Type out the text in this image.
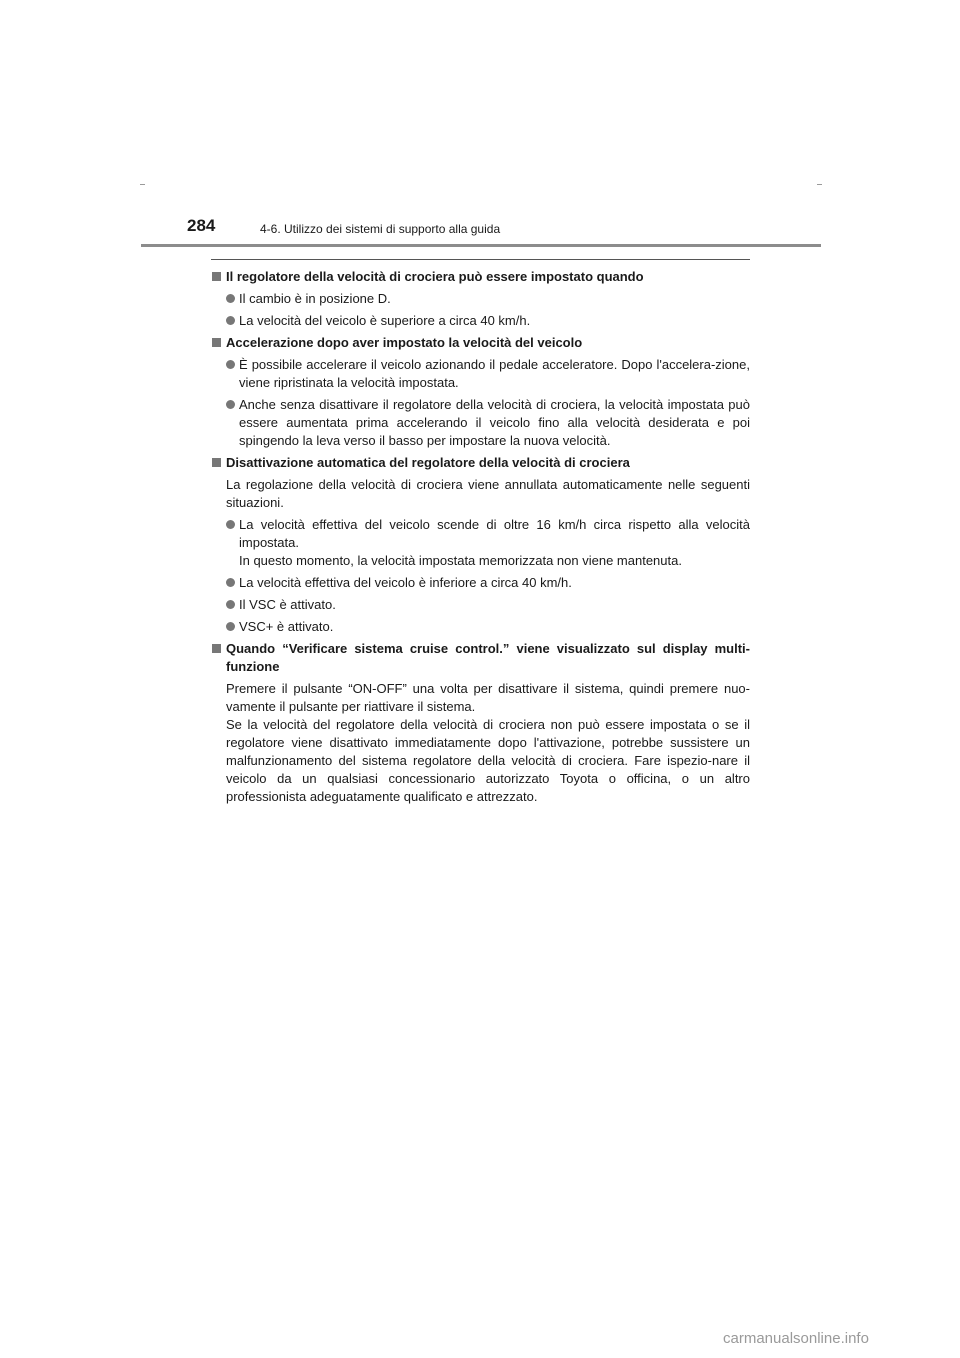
284	4-6. Utilizzo dei sistemi di supporto alla guida
Il regolatore della velocità di crociera può essere impostato quando
Il cambio è in posizione D.
La velocità del veicolo è superiore a circa 40 km/h.
Accelerazione dopo aver impostato la velocità del veicolo
È possibile accelerare il veicolo azionando il pedale acceleratore. Dopo l'accelera-zione, viene ripristinata la velocità impostata.
Anche senza disattivare il regolatore della velocità di crociera, la velocità impostata può essere aumentata prima accelerando il veicolo fino alla velocità desiderata e poi spingendo la leva verso il basso per impostare la nuova velocità.
Disattivazione automatica del regolatore della velocità di crociera
La regolazione della velocità di crociera viene annullata automaticamente nelle seguenti situazioni.
La velocità effettiva del veicolo scende di oltre 16 km/h circa rispetto alla velocità impostata.
In questo momento, la velocità impostata memorizzata non viene mantenuta.
La velocità effettiva del veicolo è inferiore a circa 40 km/h.
Il VSC è attivato.
VSC+ è attivato.
Quando “Verificare sistema cruise control.” viene visualizzato sul display multi-funzione
Premere il pulsante “ON-OFF” una volta per disattivare il sistema, quindi premere nuo-vamente il pulsante per riattivare il sistema.
Se la velocità del regolatore della velocità di crociera non può essere impostata o se il regolatore viene disattivato immediatamente dopo l'attivazione, potrebbe sussistere un malfunzionamento del sistema regolatore della velocità di crociera. Fare ispezio-nare il veicolo da un qualsiasi concessionario autorizzato Toyota o officina, o un altro professionista adeguatamente qualificato e attrezzato.
carmanualsonline.info
